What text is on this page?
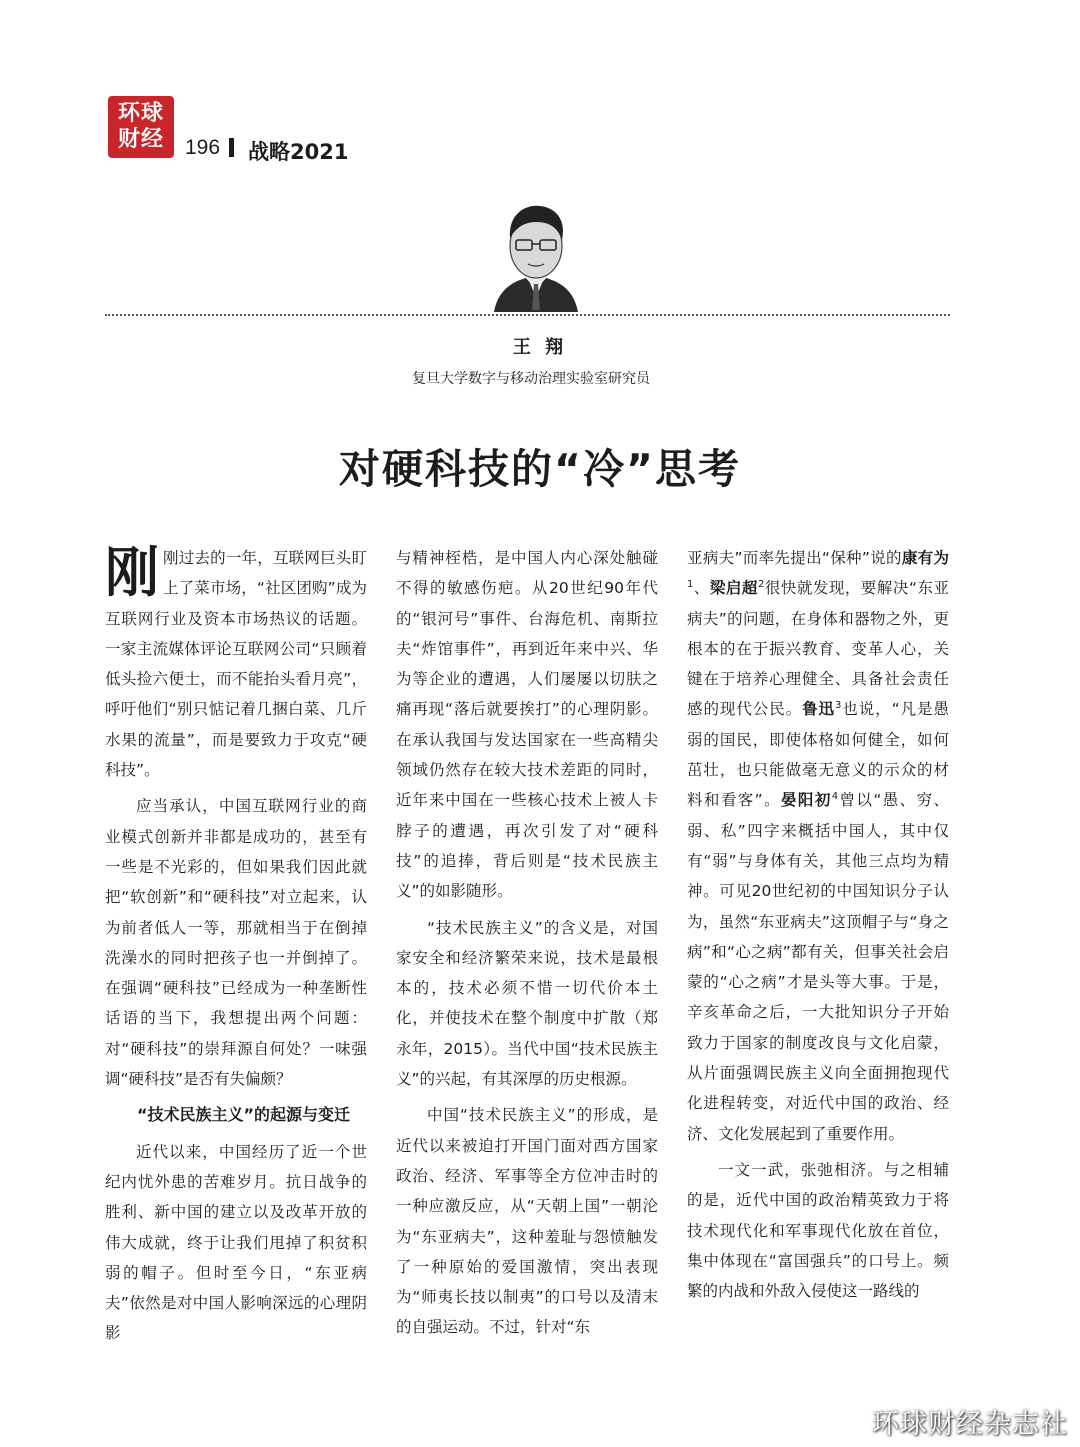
环球
财经 196 战略2021
王 翔
复旦大学数字与移动治理实验室研究员
对硬科技的“冷”思考

刚刚过去的一年，互联网巨头盯上了菜市场，“社区团购”成为互联网行业及资本市场热议的话题。一家主流媒体评论互联网公司“只顾着低头捡六便士，而不能抬头看月亮”，呼吁他们“别只惦记着几捆白菜、几斤水果的流量”，而是要致力于攻克“硬科技”。

应当承认，中国互联网行业的商业模式创新并非都是成功的，甚至有一些是不光彩的，但如果我们因此就把“软创新”和“硬科技”对立起来，认为前者低人一等，那就相当于在倒掉洗澡水的同时把孩子也一并倒掉了。在强调“硬科技”已经成为一种垄断性话语的当下，我想提出两个问题：对“硬科技”的崇拜源自何处？一味强调“硬科技”是否有失偏颇？

“技术民族主义”的起源与变迁

近代以来，中国经历了近一个世纪内忧外患的苦难岁月。抗日战争的胜利、新中国的建立以及改革开放的伟大成就，终于让我们甩掉了积贫积弱的帽子。但时至今日，“东亚病夫”依然是对中国人影响深远的心理阴影

与精神桎梏，是中国人内心深处触碰不得的敏感伤疤。从20世纪90年代的“银河号”事件、台海危机、南斯拉夫“炸馆事件”，再到近年来中兴、华为等企业的遭遇，人们屡屡以切肤之痛再现“落后就要挨打”的心理阴影。在承认我国与发达国家在一些高精尖领域仍然存在较大技术差距的同时，近年来中国在一些核心技术上被人卡脖子的遭遇，再次引发了对“硬科技”的追捧，背后则是“技术民族主义”的如影随形。

“技术民族主义”的含义是，对国家安全和经济繁荣来说，技术是最根本的，技术必须不惜一切代价本土化，并使技术在整个制度中扩散（郑永年，2015）。当代中国“技术民族主义”的兴起，有其深厚的历史根源。

中国“技术民族主义”的形成，是近代以来被迫打开国门面对西方国家政治、经济、军事等全方位冲击时的一种应激反应，从“天朝上国”一朝沦为“东亚病夫”，这种羞耻与怨愤触发了一种原始的爱国激情，突出表现为“师夷长技以制夷”的口号以及清末的自强运动。不过，针对“东

亚病夫”而率先提出“保种”说的康有为$^1$、梁启超$^2$很快就发现，要解决“东亚病夫”的问题，在身体和器物之外，更根本的在于振兴教育、变革人心，关键在于培养心理健全、具备社会责任感的现代公民。鲁迅$^3$也说，“凡是愚弱的国民，即使体格如何健全，如何茁壮，也只能做毫无意义的示众的材料和看客”。晏阳初$^4$曾以“愚、穷、弱、私”四字来概括中国人，其中仅有“弱”与身体有关，其他三点均为精神。可见20世纪初的中国知识分子认为，虽然“东亚病夫”这顶帽子与“身之病”和“心之病”都有关，但事关社会启蒙的“心之病”才是头等大事。于是，辛亥革命之后，一大批知识分子开始致力于国家的制度改良与文化启蒙，从片面强调民族主义向全面拥抱现代化进程转变，对近代中国的政治、经济、文化发展起到了重要作用。

一文一武，张弛相济。与之相辅的是，近代中国的政治精英致力于将技术现代化和军事现代化放在首位，集中体现在“富国强兵”的口号上。频繁的内战和外敌入侵使这一路线的

环球财经杂志社
